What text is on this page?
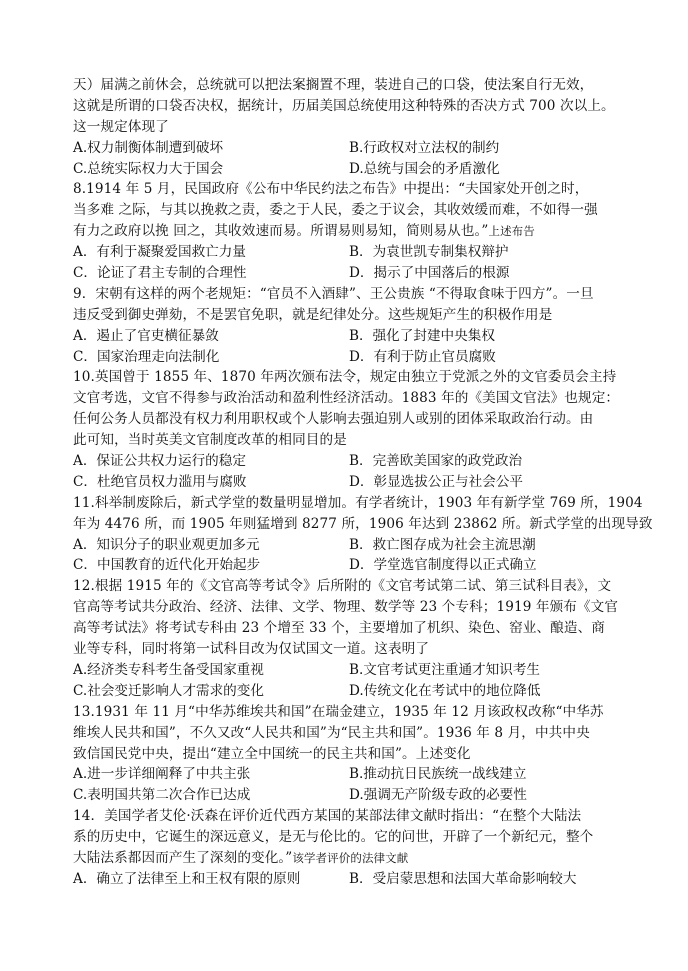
天）届满之前休会，总统就可以把法案搁置不理，装进自己的口袋，使法案自行无效，
这就是所谓的口袋否决权，据统计，历届美国总统使用这种特殊的否决方式 700 次以上。
这一规定体现了
A.权力制衡体制遭到破坏	B.行政权对立法权的制约
C.总统实际权力大于国会	D.总统与国会的矛盾激化
8.1914 年 5 月，民国政府《公布中华民约法之布告》中提出：“夫国家处开创之时，
当多难 之际，与其以挽救之责，委之于人民，委之于议会，其收效缓而难，不如得一强
有力之政府以挽 回之，其收效速而易。所谓易则易知，简则易从也。”上述布告
A．有利于凝聚爱国救亡力量	B．为袁世凯专制集权辩护
C．论证了君主专制的合理性	D．揭示了中国落后的根源
9．宋朝有这样的两个老规矩：“官员不入酒肆”、王公贵族 “不得取食味于四方”。一旦
违反受到御史弹劾，不是罢官免职，就是纪律处分。这些规矩产生的积极作用是
A．遏止了官吏横征暴敛	B．强化了封建中央集权
C．国家治理走向法制化	D．有利于防止官员腐败
10.英国曾于 1855 年、1870 年两次颁布法令，规定由独立于党派之外的文官委员会主持
文官考选，文官不得参与政治活动和盈利性经济活动。1883 年的《美国文官法》也规定：
任何公务人员都没有权力利用职权或个人影响去强迫别人或别的团体采取政治行动。由
此可知，当时英美文官制度改革的相同目的是
A．保证公共权力运行的稳定	B．完善欧美国家的政党政治
C．杜绝官员权力滥用与腐败	D．彰显选拔公正与社会公平
11.科举制废除后，新式学堂的数量明显增加。有学者统计，1903 年有新学堂 769 所，1904
年为 4476 所，而 1905 年则猛增到 8277 所，1906 年达到 23862 所。新式学堂的出现导致
A．知识分子的职业观更加多元	B．救亡图存成为社会主流思潮
C．中国教育的近代化开始起步	D．学堂选官制度得以正式确立
12.根据 1915 年的《文官高等考试令》后所附的《文官考试第二试、第三试科目表》，文
官高等考试共分政治、经济、法律、文学、物理、数学等 23 个专科；1919 年颁布《文官
高等考试法》将考试专科由 23 个增至 33 个，主要增加了机织、染色、窑业、酿造、商
业等专科，同时将第一试科目改为仅试国文一道。这表明了
A.经济类专科考生备受国家重视	B.文官考试更注重通才知识考生
C.社会变迁影响人才需求的变化	D.传统文化在考试中的地位降低
13.1931 年 11 月“中华苏维埃共和国”在瑞金建立，1935 年 12 月该政权改称“中华苏
维埃人民共和国”，不久又改“人民共和国”为“民主共和国”。1936 年 8 月，中共中央
致信国民党中央，提出“建立全中国统一的民主共和国”。上述变化
A.进一步详细阐释了中共主张	B.推动抗日民族统一战线建立
C.表明国共第二次合作已达成	D.强调无产阶级专政的必要性
14．美国学者艾伦·沃森在评价近代西方某国的某部法律文献时指出：“在整个大陆法
系的历史中，它诞生的深远意义，是无与伦比的。它的问世，开辟了一个新纪元，整个
大陆法系都因而产生了深刻的变化。”该学者评价的法律文献
A．确立了法律至上和王权有限的原则	B．受启蒙思想和法国大革命影响较大
